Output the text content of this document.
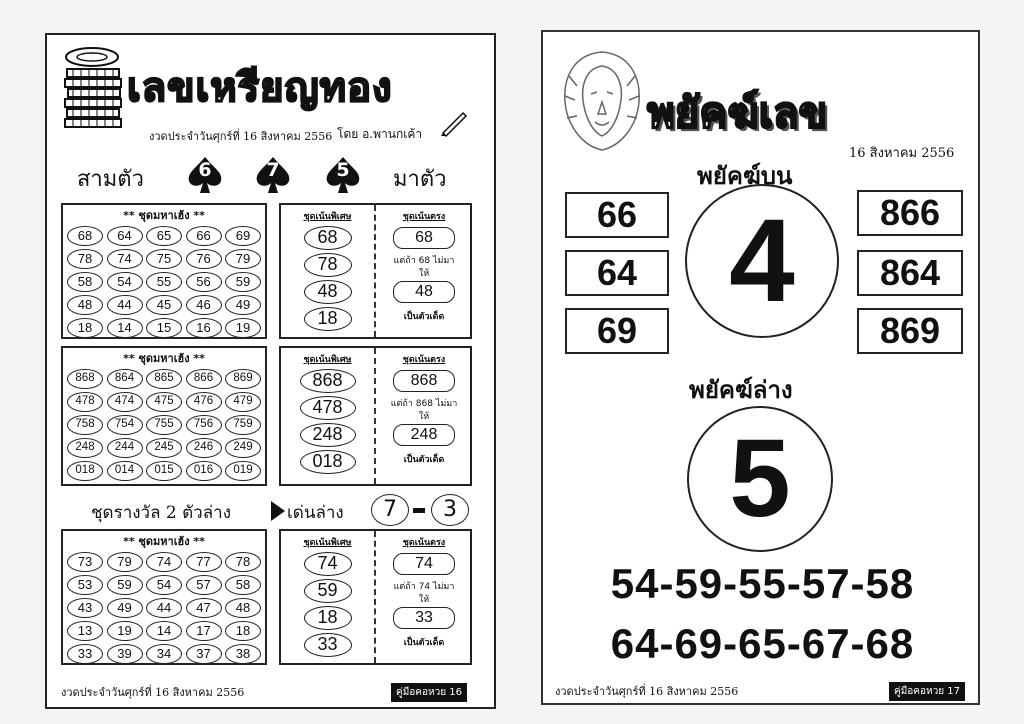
เลขเหรียญทอง
งวดประจำวันศุกร์ที่ 16 สิงหาคม 2556 โดย อ.พานกเค้า
สามตัว	6	7	5	มาตัว
** ชุดมหาเฮ้ง **
68	64	65	66	69
78	74	75	76	79
58	54	55	56	59
48	44	45	46	49
18	14	15	16	19
ชุดเน้นพิเศษ
68
78
48
18
ชุดเน้นตรง
68
แต่ถ้า 68 ไม่มา
ให้
48
เป็นตัวเด็ด
** ชุดมหาเฮ้ง **
868	864	865	866	869
478	474	475	476	479
758	754	755	756	759
248	244	245	246	249
018	014	015	016	019
ชุดเน้นพิเศษ
868
478
248
018
ชุดเน้นตรง
868
แต่ถ้า 868 ไม่มา
ให้
248
เป็นตัวเด็ด
ชุดรางวัล 2 ตัวล่าง	เด่นล่าง	7	3
** ชุดมหาเฮ้ง **
73	79	74	77	78
53	59	54	57	58
43	49	44	47	48
13	19	14	17	18
33	39	34	37	38
ชุดเน้นพิเศษ
74
59
18
33
ชุดเน้นตรง
74
แต่ถ้า 74 ไม่มา
ให้
33
เป็นตัวเด็ด
งวดประจำวันศุกร์ที่ 16 สิงหาคม 2556	คู่มือคอหวย 16
พยัคฆ์เลข
16 สิงหาคม 2556
พยัคฆ์บน
66
64
69
4	866
864
869
พยัคฆ์ล่าง
5
54-59-55-57-58
64-69-65-67-68
งวดประจำวันศุกร์ที่ 16 สิงหาคม 2556	คู่มือคอหวย 17
